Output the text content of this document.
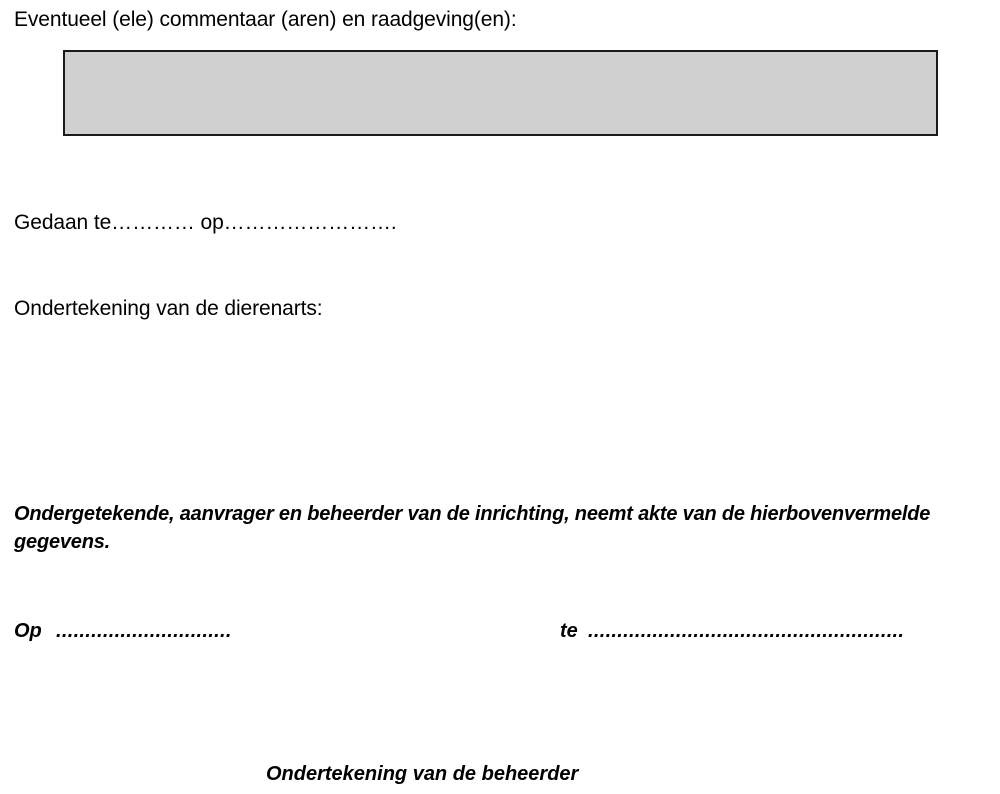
Eventueel (ele) commentaar (aren) en raadgeving(en):
Gedaan te………… op…………………….
Ondertekening van de dierenarts:
Ondergetekende, aanvrager en beheerder van de inrichting, neemt akte van de hierbovenvermelde gegevens.
Op ..............................	te ......................................................
Ondertekening van de beheerder
